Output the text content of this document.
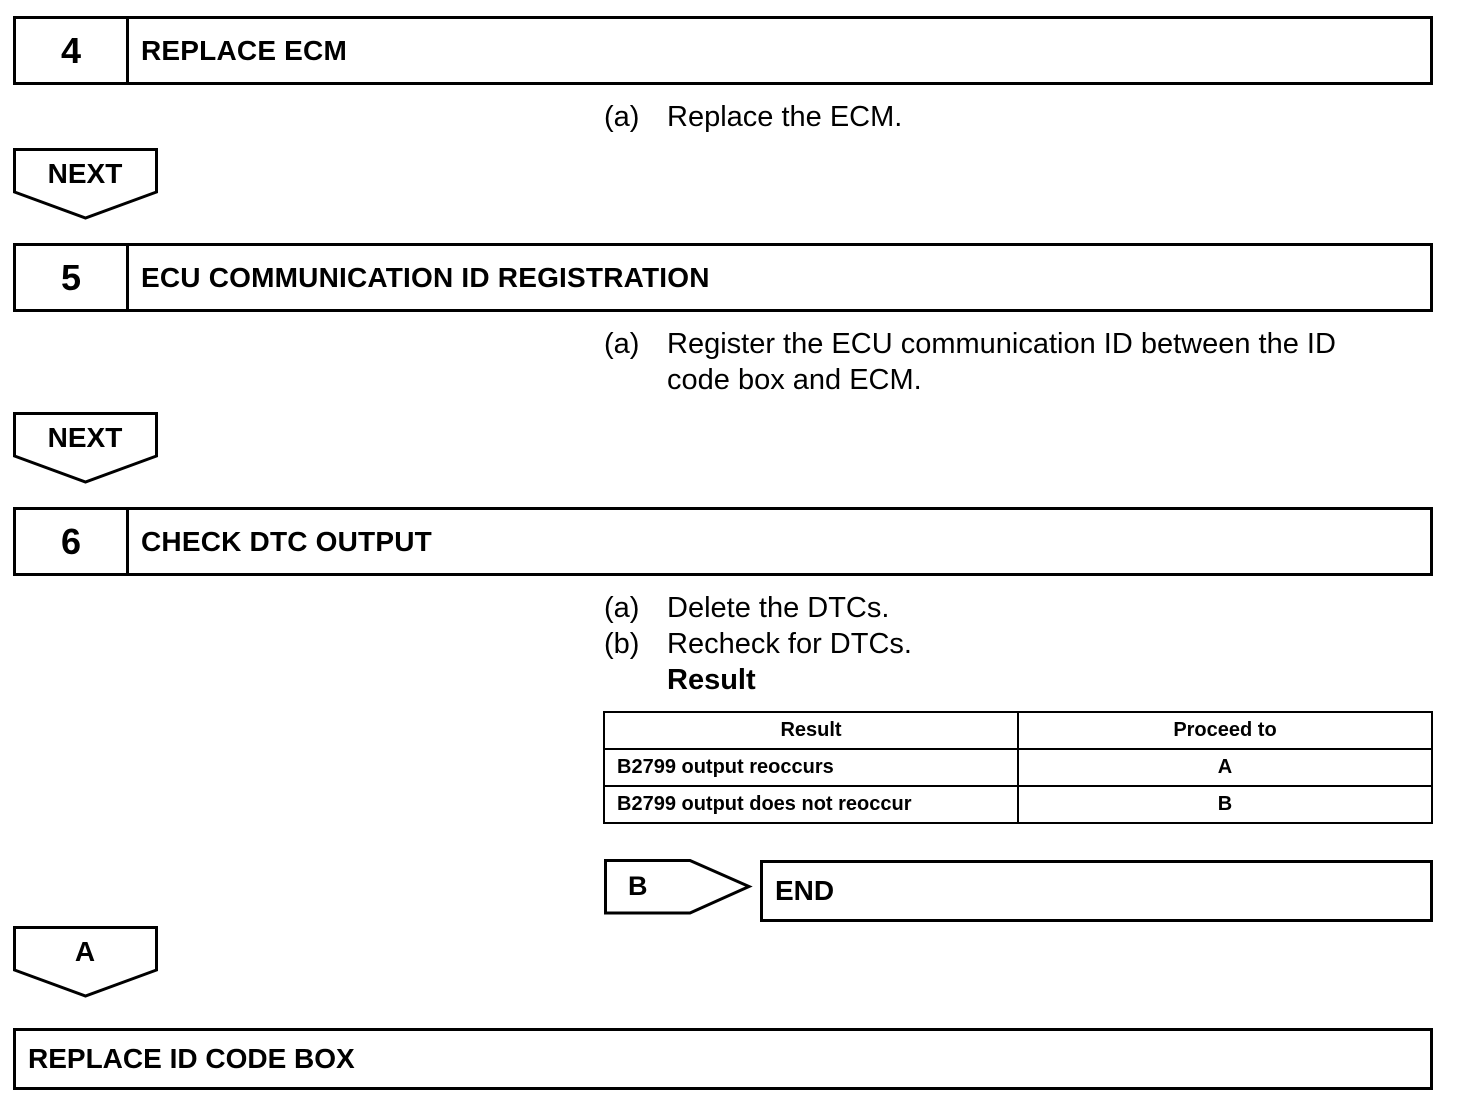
4	REPLACE ECM
(a) Replace the ECM.
NEXT
5	ECU COMMUNICATION ID REGISTRATION
(a) Register the ECU communication ID between the ID
code box and ECM.
NEXT
6	CHECK DTC OUTPUT
(a) Delete the DTCs.
(b) Recheck for DTCs.
Result
Result	Proceed to
B2799 output reoccurs	A
B2799 output does not reoccur	B
B	END
A
REPLACE ID CODE BOX
